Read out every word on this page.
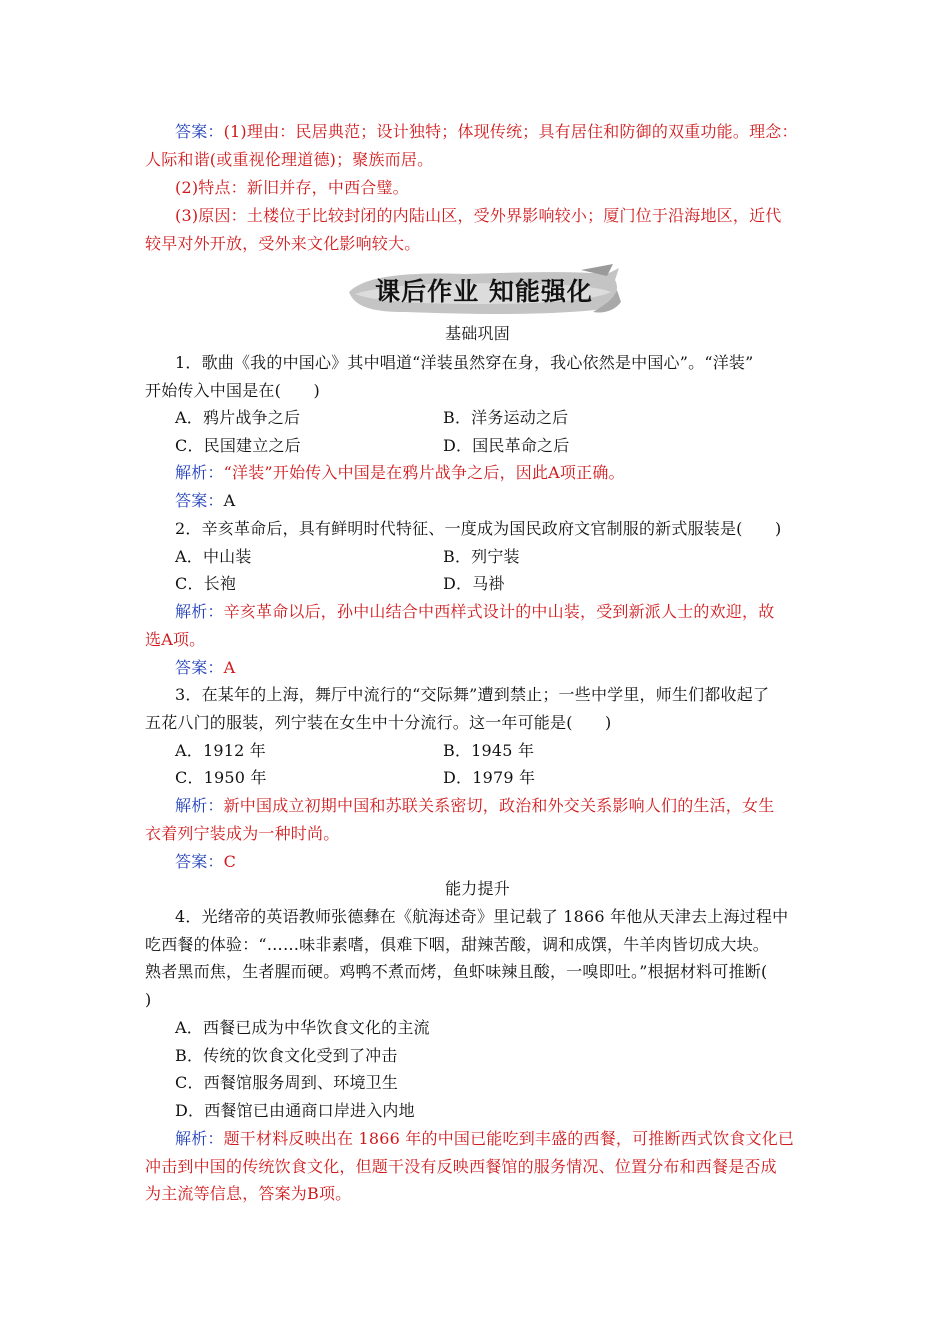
答案：(1)理由：民居典范；设计独特；体现传统；具有居住和防御的双重功能。理念：
人际和谐(或重视伦理道德)；聚族而居。
(2)特点：新旧并存，中西合璧。
(3)原因：土楼位于比较封闭的内陆山区，受外界影响较小；厦门位于沿海地区，近代
较早对外开放，受外来文化影响较大。
课后作业 知能强化
基础巩固
1．歌曲《我的中国心》其中唱道“洋装虽然穿在身，我心依然是中国心”。“洋装”
开始传入中国是在(　　)
A．鸦片战争之后	B．洋务运动之后
C．民国建立之后	D．国民革命之后
解析：“洋装”开始传入中国是在鸦片战争之后，因此A项正确。
答案：A
2．辛亥革命后，具有鲜明时代特征、一度成为国民政府文官制服的新式服装是(　　)
A．中山装	B．列宁装
C．长袍	D．马褂
解析：辛亥革命以后，孙中山结合中西样式设计的中山装，受到新派人士的欢迎，故
选A项。
答案：A
3．在某年的上海，舞厅中流行的“交际舞”遭到禁止；一些中学里，师生们都收起了
五花八门的服装，列宁装在女生中十分流行。这一年可能是(　　)
A．1912 年	B．1945 年
C．1950 年	D．1979 年
解析：新中国成立初期中国和苏联关系密切，政治和外交关系影响人们的生活，女生
衣着列宁装成为一种时尚。
答案：C
能力提升
4．光绪帝的英语教师张德彝在《航海述奇》里记载了 1866 年他从天津去上海过程中
吃西餐的体验：“……味非素嗜，俱难下咽，甜辣苦酸，调和成馔，牛羊肉皆切成大块。
熟者黑而焦，生者腥而硬。鸡鸭不煮而烤，鱼虾味辣且酸，一嗅即吐。”根据材料可推断(
)
A．西餐已成为中华饮食文化的主流
B．传统的饮食文化受到了冲击
C．西餐馆服务周到、环境卫生
D．西餐馆已由通商口岸进入内地
解析：题干材料反映出在 1866 年的中国已能吃到丰盛的西餐，可推断西式饮食文化已
冲击到中国的传统饮食文化，但题干没有反映西餐馆的服务情况、位置分布和西餐是否成
为主流等信息，答案为B项。
